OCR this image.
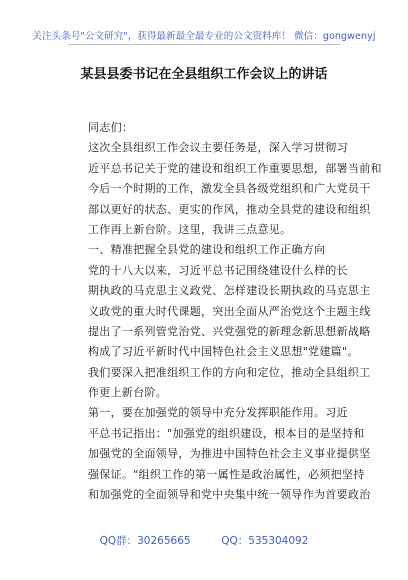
关注头条号"公文研究"，获得最新最全最专业的公文资料库！ 微信：gongwenyj
某县县委书记在全县组织工作会议上的讲话
同志们：
这次全县组织工作会议主要任务是，深入学习贯彻习
近平总书记关于党的建设和组织工作重要思想，部署当前和
今后一个时期的工作，激发全县各级党组织和广大党员干
部以更好的状态、更实的作风，推动全县党的建设和组织
工作再上新台阶。这里，我讲三点意见。
一、精准把握全县党的建设和组织工作正确方向
党的十八大以来，习近平总书记围绕建设什么样的长
期执政的马克思主义政党、怎样建设长期执政的马克思主
义政党的重大时代课题，突出全面从严治党这个主题主线
提出了一系列管党治党、兴党强党的新理念新思想新战略
构成了习近平新时代中国特色社会主义思想"党建篇"。
我们要深入把准组织工作的方向和定位，推动全县组织工
作更上新台阶。
第一，要在加强党的领导中充分发挥职能作用。习近
平总书记指出："加强党的组织建设，根本目的是坚持和
加强党的全面领导，为推进中国特色社会主义事业提供坚
强保证。"组织工作的第一属性是政治属性，必须把坚持
和加强党的全面领导和党中央集中统一领导作为首要政治
QQ群：30265665	QQ：535304092
